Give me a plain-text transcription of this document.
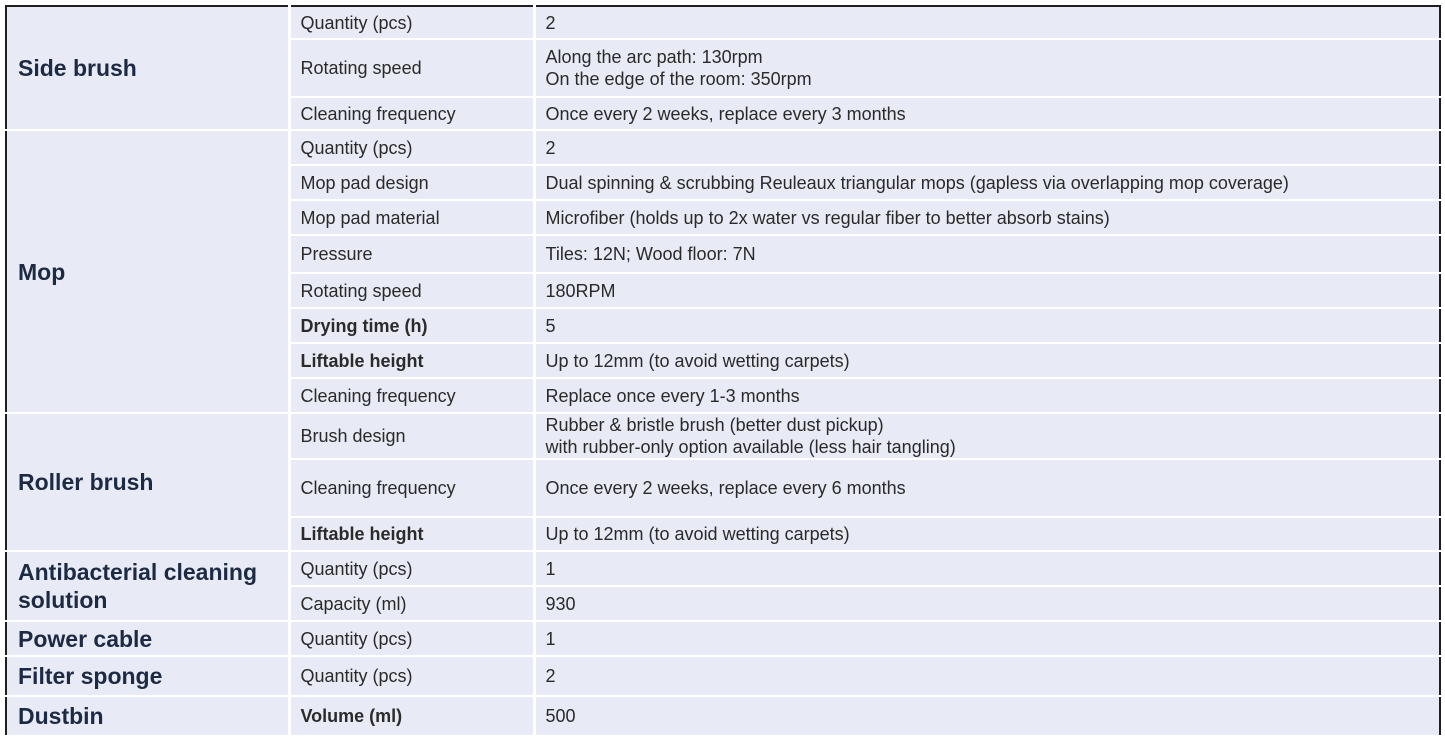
Side brush	Quantity (pcs)	2
	Rotating speed	Along the arc path: 130rpm
On the edge of the room: 350rpm
	Cleaning frequency	Once every 2 weeks, replace every 3 months
Mop	Quantity (pcs)	2
	Mop pad design	Dual spinning & scrubbing Reuleaux triangular mops (gapless via overlapping mop coverage)
	Mop pad material	Microfiber (holds up to 2x water vs regular fiber to better absorb stains)
	Pressure	Tiles: 12N; Wood floor: 7N
	Rotating speed	180RPM
	Drying time (h)	5
	Liftable height	Up to 12mm (to avoid wetting carpets)
	Cleaning frequency	Replace once every 1-3 months
Roller brush	Brush design	Rubber & bristle brush (better dust pickup)
with rubber-only option available (less hair tangling)
	Cleaning frequency	Once every 2 weeks, replace every 6 months
	Liftable height	Up to 12mm (to avoid wetting carpets)
Antibacterial cleaning solution	Quantity (pcs)	1
	Capacity (ml)	930
Power cable	Quantity (pcs)	1
Filter sponge	Quantity (pcs)	2
Dustbin	Volume (ml)	500
